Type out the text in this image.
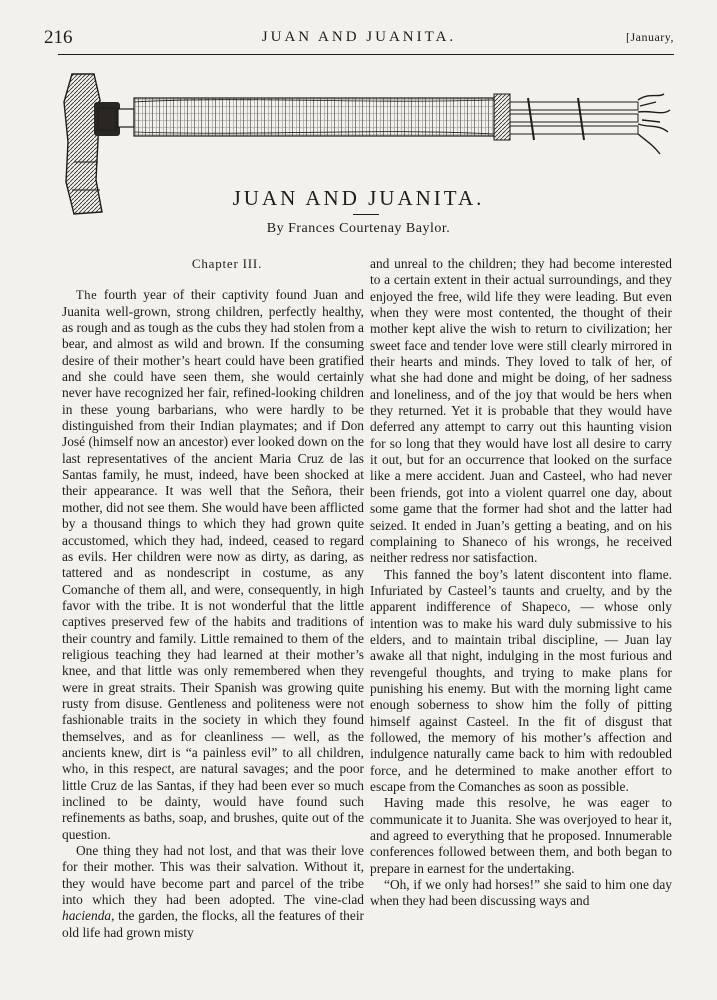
216	JUAN AND JUANITA.	[January,
JUAN AND JUANITA.
By Frances Courtenay Baylor.
Chapter III.

The fourth year of their captivity found Juan and Juanita well-grown, strong children, perfectly healthy, as rough and as tough as the cubs they had stolen from a bear, and almost as wild and brown. If the consuming desire of their mother’s heart could have been gratified and she could have seen them, she would certainly never have recognized her fair, refined-looking children in these young barbarians, who were hardly to be distinguished from their Indian playmates; and if Don José (himself now an ancestor) ever looked down on the last representatives of the ancient Maria Cruz de las Santas family, he must, indeed, have been shocked at their appearance. It was well that the Señora, their mother, did not see them. She would have been afflicted by a thousand things to which they had grown quite accustomed, which they had, indeed, ceased to regard as evils. Her children were now as dirty, as daring, as tattered and as nondescript in costume, as any Comanche of them all, and were, consequently, in high favor with the tribe. It is not wonderful that the little captives preserved few of the habits and traditions of their country and family. Little remained to them of the religious teaching they had learned at their mother’s knee, and that little was only remembered when they were in great straits. Their Spanish was growing quite rusty from disuse. Gentleness and politeness were not fashionable traits in the society in which they found themselves, and as for cleanliness — well, as the ancients knew, dirt is “a painless evil” to all children, who, in this respect, are natural savages; and the poor little Cruz de las Santas, if they had been ever so much inclined to be dainty, would have found such refinements as baths, soap, and brushes, quite out of the question.

One thing they had not lost, and that was their love for their mother. This was their salvation. Without it, they would have become part and parcel of the tribe into which they had been adopted. The vine-clad hacienda, the garden, the flocks, all the features of their old life had grown misty

and unreal to the children; they had become interested to a certain extent in their actual surroundings, and they enjoyed the free, wild life they were leading. But even when they were most contented, the thought of their mother kept alive the wish to return to civilization; her sweet face and tender love were still clearly mirrored in their hearts and minds. They loved to talk of her, of what she had done and might be doing, of her sadness and loneliness, and of the joy that would be hers when they returned. Yet it is probable that they would have deferred any attempt to carry out this haunting vision for so long that they would have lost all desire to carry it out, but for an occurrence that looked on the surface like a mere accident. Juan and Casteel, who had never been friends, got into a violent quarrel one day, about some game that the former had shot and the latter had seized. It ended in Juan’s getting a beating, and on his complaining to Shaneco of his wrongs, he received neither redress nor satisfaction.

This fanned the boy’s latent discontent into flame. Infuriated by Casteel’s taunts and cruelty, and by the apparent indifference of Shapeco, — whose only intention was to make his ward duly submissive to his elders, and to maintain tribal discipline, — Juan lay awake all that night, indulging in the most furious and revengeful thoughts, and trying to make plans for punishing his enemy. But with the morning light came enough soberness to show him the folly of pitting himself against Casteel. In the fit of disgust that followed, the memory of his mother’s affection and indulgence naturally came back to him with redoubled force, and he determined to make another effort to escape from the Comanches as soon as possible.

Having made this resolve, he was eager to communicate it to Juanita. She was overjoyed to hear it, and agreed to everything that he proposed. Innumerable conferences followed between them, and both began to prepare in earnest for the undertaking.

“Oh, if we only had horses!” she said to him one day when they had been discussing ways and
